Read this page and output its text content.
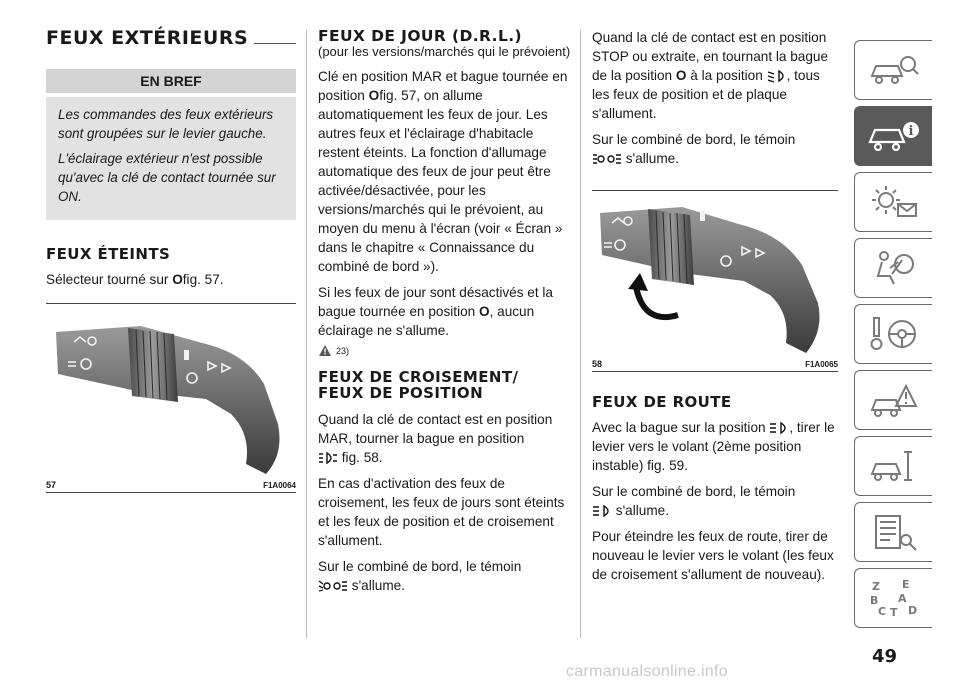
FEUX EXTÉRIEURS
EN BREF

Les commandes des feux extérieurs sont groupées sur le levier gauche.

L'éclairage extérieur n'est possible qu'avec la clé de contact tournée sur ON.

FEUX ÉTEINTS

Sélecteur tourné sur Ofig. 57.

57	F1A0064
FEUX DE JOUR (D.R.L.)
(pour les versions/marchés qui le prévoient)

Clé en position MAR et bague tournée en position Ofig. 57, on allume automatiquement les feux de jour. Les autres feux et l'éclairage d'habitacle restent éteints. La fonction d'allumage automatique des feux de jour peut être activée/désactivée, pour les versions/marchés qui le prévoient, au moyen du menu à l'écran (voir « Écran » dans le chapitre « Connaissance du combiné de bord »).

Si les feux de jour sont désactivés et la bague tournée en position O, aucun éclairage ne s'allume.

23)
FEUX DE CROISEMENT/
FEUX DE POSITION

Quand la clé de contact est en position MAR, tourner la bague en position
fig. 58.

En cas d'activation des feux de croisement, les feux de jours sont éteints et les feux de position et de croisement s'allument.

Sur le combiné de bord, le témoin
s'allume.

Quand la clé de contact est en position STOP ou extraite, en tournant la bague de la position O à la position , tous les feux de position et de plaque s'allument.

Sur le combiné de bord, le témoin
s'allume.

58	F1A0065
FEUX DE ROUTE

Avec la bague sur la position , tirer le levier vers le volant (2ème position instable) fig. 59.

Sur le combiné de bord, le témoin
s'allume.

Pour éteindre les feux de route, tirer de nouveau le levier vers le volant (les feux de croisement s'allument de nouveau).

i
Z E
B A
C T D
49
carmanualsonline.info
